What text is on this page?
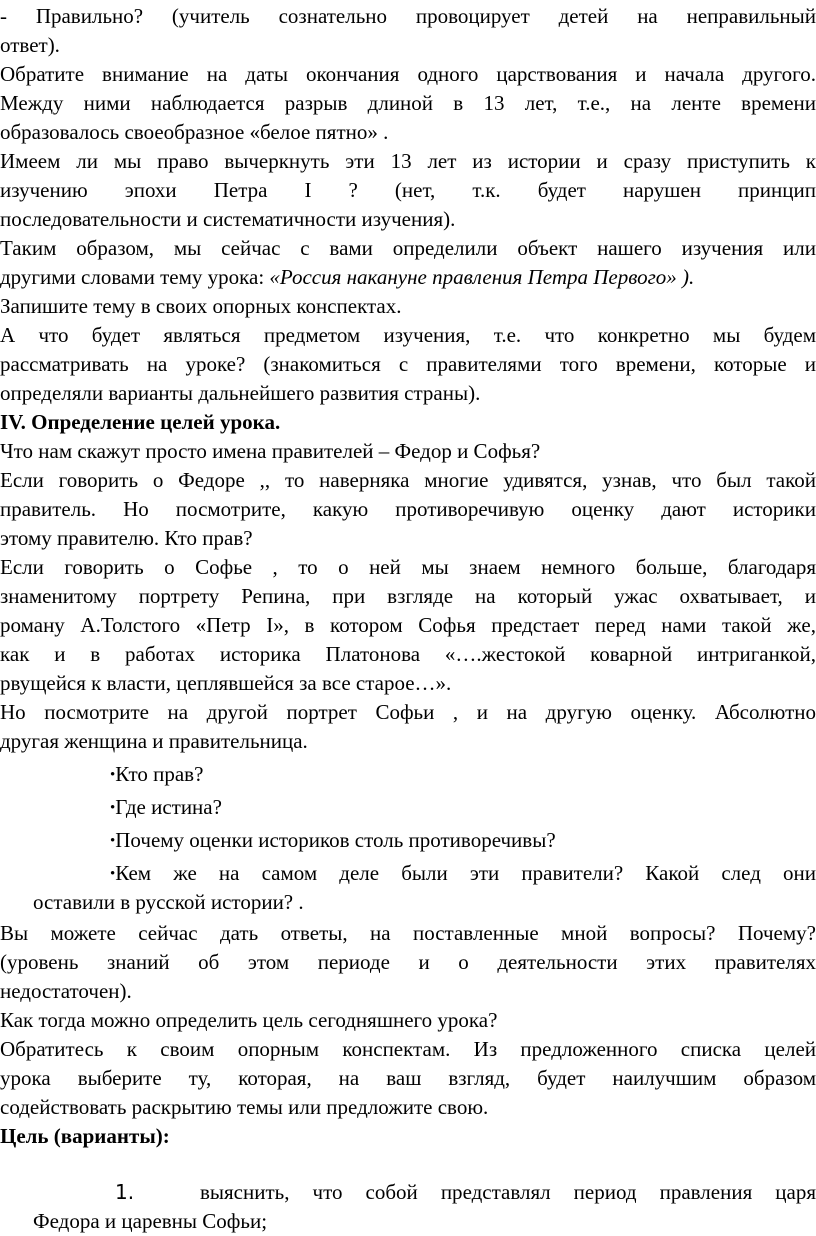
- Правильно? (учитель сознательно провоцирует детей на неправильный
ответ).
Обратите внимание на даты окончания одного царствования и начала другого.
Между ними наблюдается разрыв длиной в 13 лет, т.е., на ленте времени
образовалось своеобразное «белое пятно» .
Имеем ли мы право вычеркнуть эти 13 лет из истории и сразу приступить к
изучению эпохи Петра I ? (нет, т.к. будет нарушен принцип
последовательности и систематичности изучения).
Таким образом, мы сейчас с вами определили объект нашего изучения или
другими словами тему урока: «Россия накануне правления Петра Первого» ).
Запишите тему в своих опорных конспектах.
А что будет являться предметом изучения, т.е. что конкретно мы будем
рассматривать на уроке? (знакомиться с правителями того времени, которые и
определяли варианты дальнейшего развития страны).
IV. Определение целей урока.
Что нам скажут просто имена правителей – Федор и Софья?
Если говорить о Федоре ,, то наверняка многие удивятся, узнав, что был такой
правитель. Но посмотрите, какую противоречивую оценку дают историки
этому правителю. Кто прав?
Если говорить о Софье , то о ней мы знаем немного больше, благодаря
знаменитому портрету Репина, при взгляде на который ужас охватывает, и
роману А.Толстого «Петр I», в котором Софья предстает перед нами такой же,
как и в работах историка Платонова «….жестокой коварной интриганкой,
рвущейся к власти, цеплявшейся за все старое…».
Но посмотрите на другой портрет Софьи , и на другую оценку. Абсолютно
другая женщина и правительница.
•Кто прав?
•Где истина?
•Почему оценки историков столь противоречивы?
•Кем же на самом деле были эти правители? Какой след они
оставили в русской истории? .
Вы можете сейчас дать ответы, на поставленные мной вопросы? Почему?
(уровень знаний об этом периоде и о деятельности этих правителях
недостаточен).
Как тогда можно определить цель сегодняшнего урока?
Обратитесь к своим опорным конспектам. Из предложенного списка целей
урока выберите ту, которая, на ваш взгляд, будет наилучшим образом
содействовать раскрытию темы или предложите свою.
Цель (варианты):
1.	выяснить, что собой представлял период правления царя
Федора и царевны Софьи;
